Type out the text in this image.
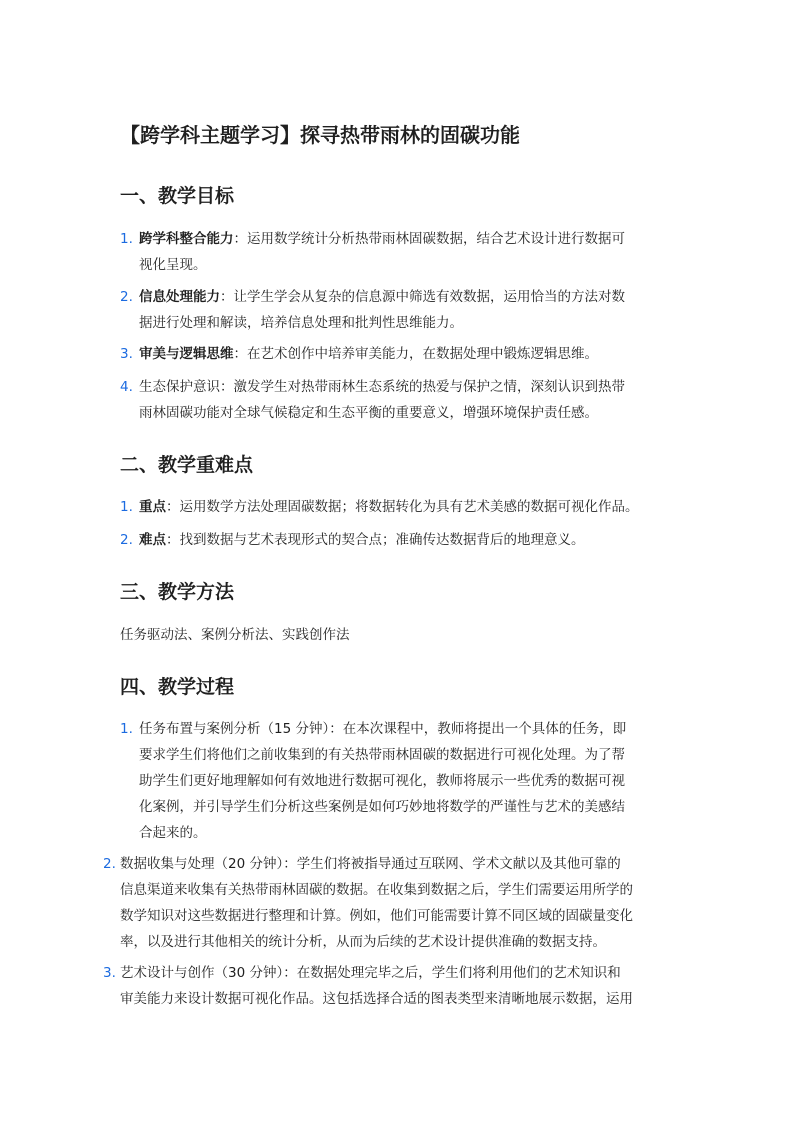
【跨学科主题学习】探寻热带雨林的固碳功能
一、教学目标
1. 跨学科整合能力：运用数学统计分析热带雨林固碳数据，结合艺术设计进行数据可
视化呈现。
2. 信息处理能力：让学生学会从复杂的信息源中筛选有效数据，运用恰当的方法对数
据进行处理和解读，培养信息处理和批判性思维能力。
3. 审美与逻辑思维：在艺术创作中培养审美能力，在数据处理中锻炼逻辑思维。
4. 生态保护意识：激发学生对热带雨林生态系统的热爱与保护之情，深刻认识到热带
雨林固碳功能对全球气候稳定和生态平衡的重要意义，增强环境保护责任感。
二、教学重难点
1. 重点：运用数学方法处理固碳数据；将数据转化为具有艺术美感的数据可视化作品。
2. 难点：找到数据与艺术表现形式的契合点；准确传达数据背后的地理意义。
三、教学方法

任务驱动法、案例分析法、实践创作法

四、教学过程
1. 任务布置与案例分析（15 分钟）：在本次课程中，教师将提出一个具体的任务，即
要求学生们将他们之前收集到的有关热带雨林固碳的数据进行可视化处理。为了帮
助学生们更好地理解如何有效地进行数据可视化，教师将展示一些优秀的数据可视
化案例，并引导学生们分析这些案例是如何巧妙地将数学的严谨性与艺术的美感结
合起来的。
2. 数据收集与处理（20 分钟）：学生们将被指导通过互联网、学术文献以及其他可靠的
信息渠道来收集有关热带雨林固碳的数据。在收集到数据之后，学生们需要运用所学的
数学知识对这些数据进行整理和计算。例如，他们可能需要计算不同区域的固碳量变化
率，以及进行其他相关的统计分析，从而为后续的艺术设计提供准确的数据支持。
3. 艺术设计与创作（30 分钟）：在数据处理完毕之后，学生们将利用他们的艺术知识和
审美能力来设计数据可视化作品。这包括选择合适的图表类型来清晰地展示数据，运用
